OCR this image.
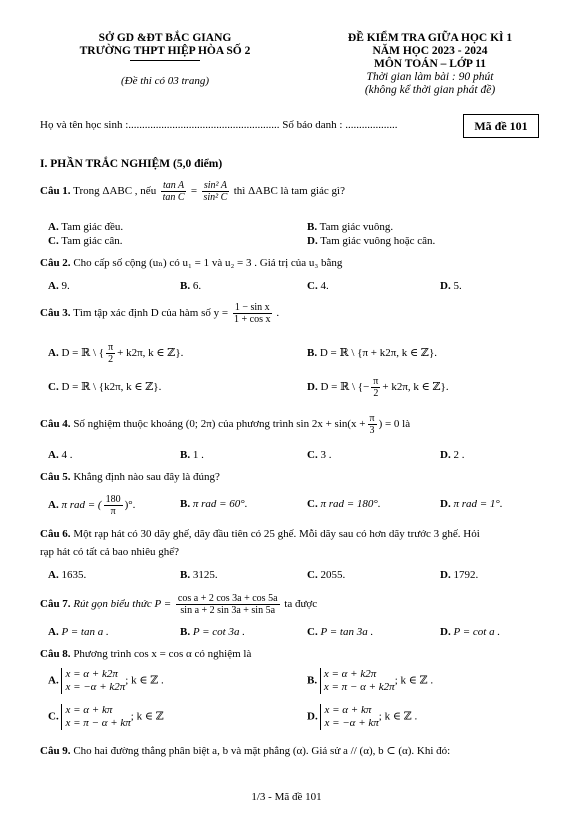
SỞ GD &ĐT BẮC GIANG
TRƯỜNG THPT HIỆP HÒA SỐ 2
(Đề thi có 03 trang)
ĐỀ KIỂM TRA GIỮA HỌC KÌ 1
NĂM HỌC 2023 - 2024
MÔN TOÁN – LỚP 11
Thời gian làm bài : 90 phút
(không kể thời gian phát đề)
Họ và tên học sinh :....................................................... Số báo danh : ...................	Mã đề 101
I. PHẦN TRẮC NGHIỆM (5,0 điểm)
Câu 1. Trong ΔABC , nếu $\frac{\text{tan A}}{\text{tan C}} = \frac{\text{sin² A}}{\text{sin² C}}$ thì ΔABC là tam giác gì?
A. Tam giác đều.	B. Tam giác vuông.
C. Tam giác cân.	D. Tam giác vuông hoặc cân.
Câu 2. Cho cấp số cộng (uₙ) có u₁ = 1 và u₂ = 3 . Giá trị của u₃ bằng
A. 9.	B. 6.	C. 4.	D. 5.
Câu 3. Tìm tập xác định D của hàm số $y = \frac{\text{1 − sin x}}{\text{1 + cos x}}$ .
A. D = ℝ \ { $\frac{\pi}{2} + k2\pi$, k ∈ ℤ}.	B. D = ℝ \ {π + k2π, k ∈ ℤ}.
C. D = ℝ \ {k2π, k ∈ ℤ}.	D. D = ℝ \ {− $\frac{\pi}{2} + k2\pi$, k ∈ ℤ}.
Câu 4. Số nghiệm thuộc khoảng (0; 2π) của phương trình $\sin 2x + \sin(x + \frac{\pi}{3}$ ) = 0 là
A. 4 .	B. 1 .	C. 3 .	D. 2 .
Câu 5. Khẳng định nào sau đây là đúng?
A. π rad = ( $\frac{180}{\pi}$ )°.	B. π rad = 60°.	C. π rad = 180°.	D. π rad = 1°.
Câu 6. Một rạp hát có 30 dãy ghế, dãy đầu tiên có 25 ghế. Mỗi dãy sau có hơn dãy trước 3 ghế. Hỏi
rạp hát có tất cả bao nhiêu ghế?
A. 1635.	B. 3125.	C. 2055.	D. 1792.
Câu 7. Rút gọn biểu thức $P = \frac{\text{cos a + 2 cos 3a + cos 5a}}{\text{sin a + 2 sin 3a + sin 5a}}$ ta được
A. P = tan a .	B. P = cot 3a .	C. P = tan 3a .	D. P = cot a .
Câu 8. Phương trình cos x = cos α có nghiệm là
A.
x = α + k2π
x = −α + k2π
; k ∈ ℤ .	B.
x = α + k2π
x = π − α + k2π
; k ∈ ℤ .
C.
x = α + kπ
x = π − α + kπ
; k ∈ ℤ	D.
x = α + kπ
x = −α + kπ
; k ∈ ℤ .
Câu 9. Cho hai đường thẳng phân biệt a, b và mặt phẳng (α). Giả sử a // (α), b ⊂ (α). Khi đó:
1/3 - Mã đề 101
